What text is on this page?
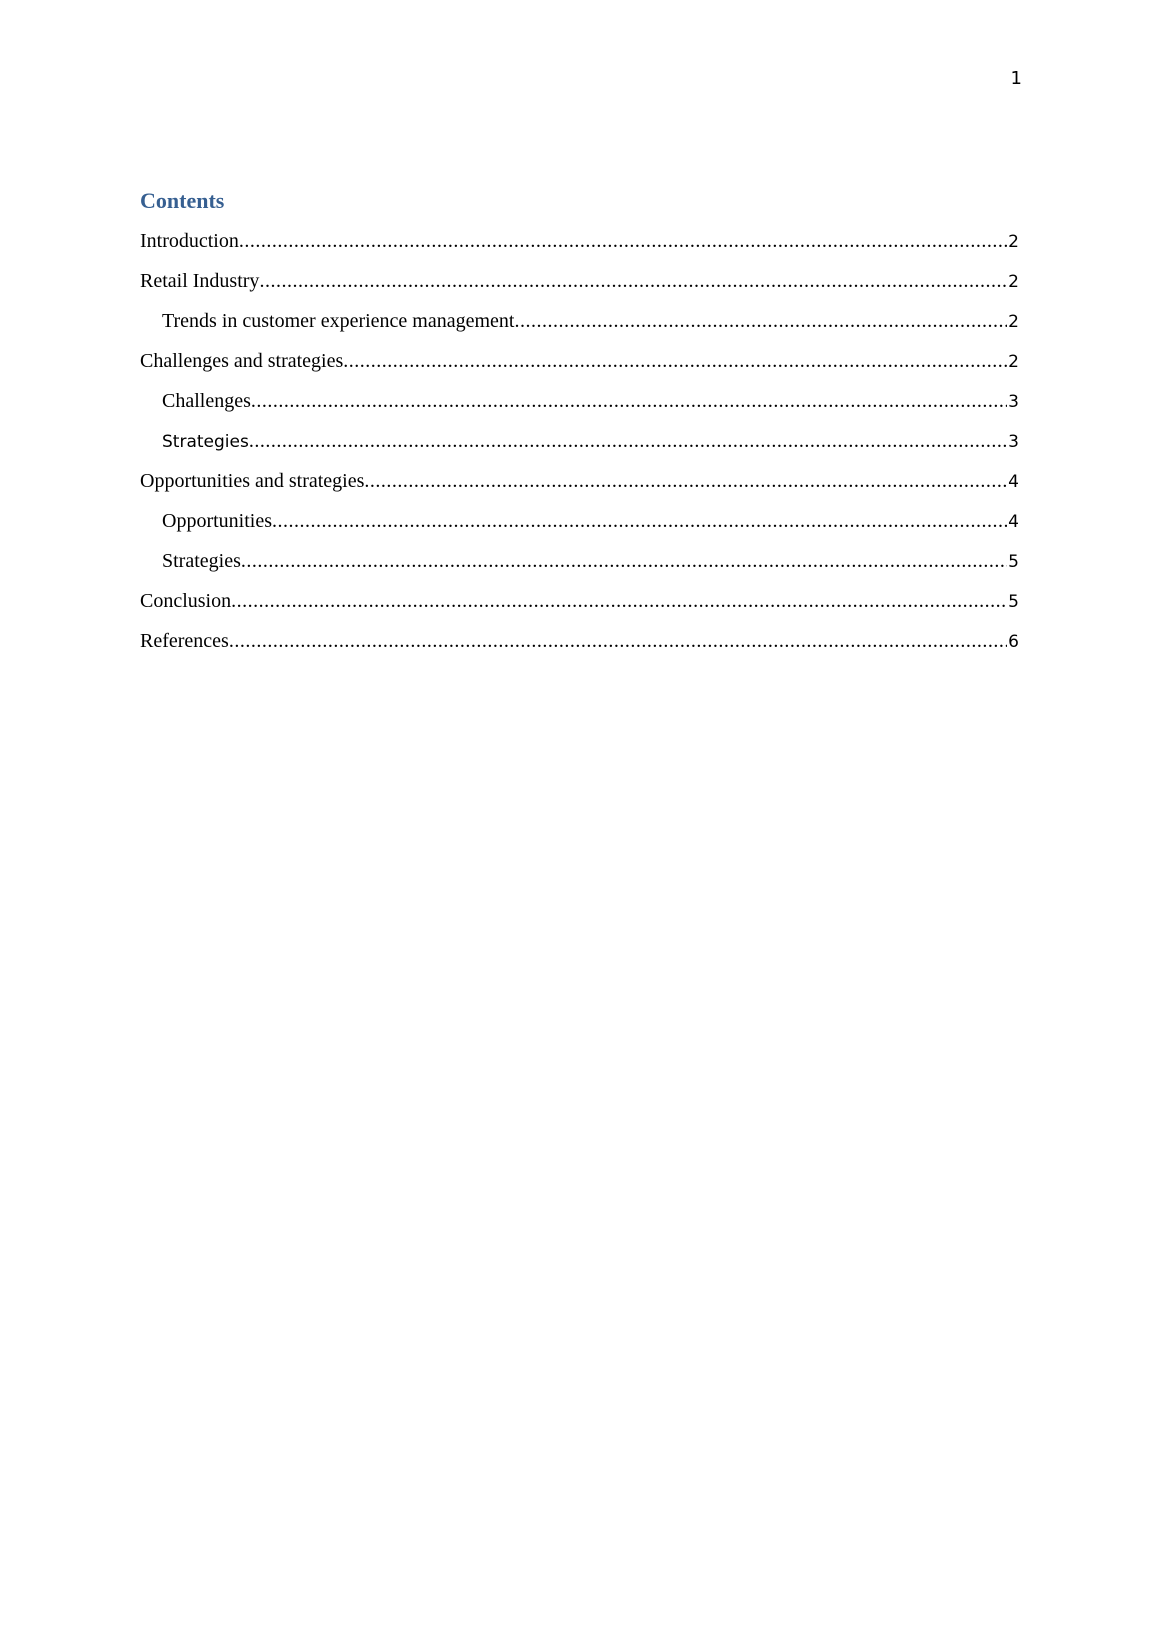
1
Contents
Introduction .....	2
Retail Industry .....	2
Trends in customer experience management .....	2
Challenges and strategies .....	2
Challenges .....	3
Strategies .....	3
Opportunities and strategies .....	4
Opportunities .....	4
Strategies .....	5
Conclusion .....	5
References .....	6
